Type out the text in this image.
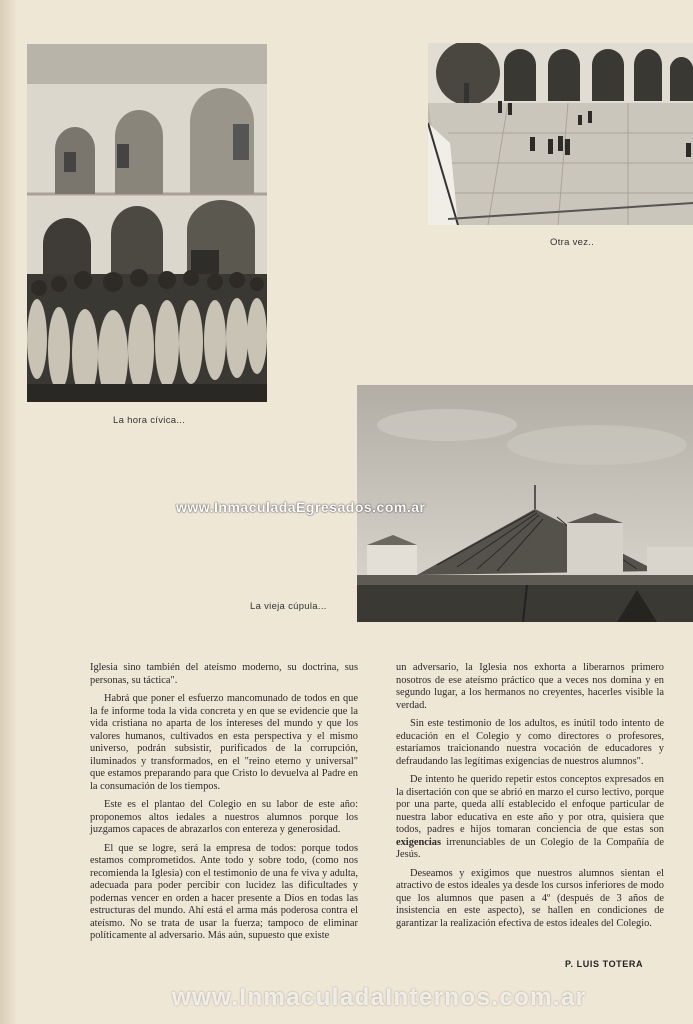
La hora cívica...
Otra vez..
La vieja cúpula...
www.InmaculadaEgresados.com.ar

Iglesia sino también del ateísmo moderno, su doctrina, sus personas, su táctica".

Habrá que poner el esfuerzo mancomunado de todos en que la fe informe toda la vida concreta y en que se evidencie que la vida cristiana no aparta de los intereses del mundo y que los valores humanos, cultivados en esta perspectiva y el mismo universo, podrán subsistir, purificados de la corrupción, iluminados y transformados, en el "reino eterno y universal" que estamos preparando para que Cristo lo devuelva al Padre en la consumación de los tiempos.

Este es el plantao del Colegio en su labor de este año: proponemos altos iedales a nuestros alumnos porque los juzgamos capaces de abrazarlos con entereza y generosidad.

El que se logre, será la empresa de todos: porque todos estamos comprometidos. Ante todo y sobre todo, (como nos recomienda la Iglesia) con el testimonio de una fe viva y adulta, adecuada para poder percibir con lucidez las dificultades y podernas vencer en orden a hacer presente a Dios en todas las estructuras del mundo. Ahí está el arma más poderosa contra el ateísmo. No se trata de usar la fuerza; tampoco de eliminar políticamente al adversario. Más aún, supuesto que existe

un adversario, la Iglesia nos exhorta a liberarnos primero nosotros de ese ateísmo práctico que a veces nos domina y en segundo lugar, a los hermanos no creyentes, hacerles visible la verdad.

Sin este testimonio de los adultos, es inútil todo intento de educación en el Colegio y como directores o profesores, estaríamos traicionando nuestra vocación de educadores y defraudando las legítimas exigencias de nuestros alumnos".

De intento he querido repetir estos conceptos expresados en la disertación con que se abrió en marzo el curso lectivo, porque por una parte, queda allí establecido el enfoque particular de nuestra labor educativa en este año y por otra, quisiera que todos, padres e hijos tomaran conciencia de que estas son exigencias irrenunciables de un Colegio de la Compañía de Jesús.

Deseamos y exigimos que nuestros alumnos sientan el atractivo de estos ideales ya desde los cursos inferiores de modo que los alumnos que pasen a 4º (después de 3 años de insistencia en este aspecto), se hallen en condiciones de garantizar la realización efectiva de estos ideales del Colegio.

P. LUIS TOTERA
www.InmaculadaInternos.com.ar
